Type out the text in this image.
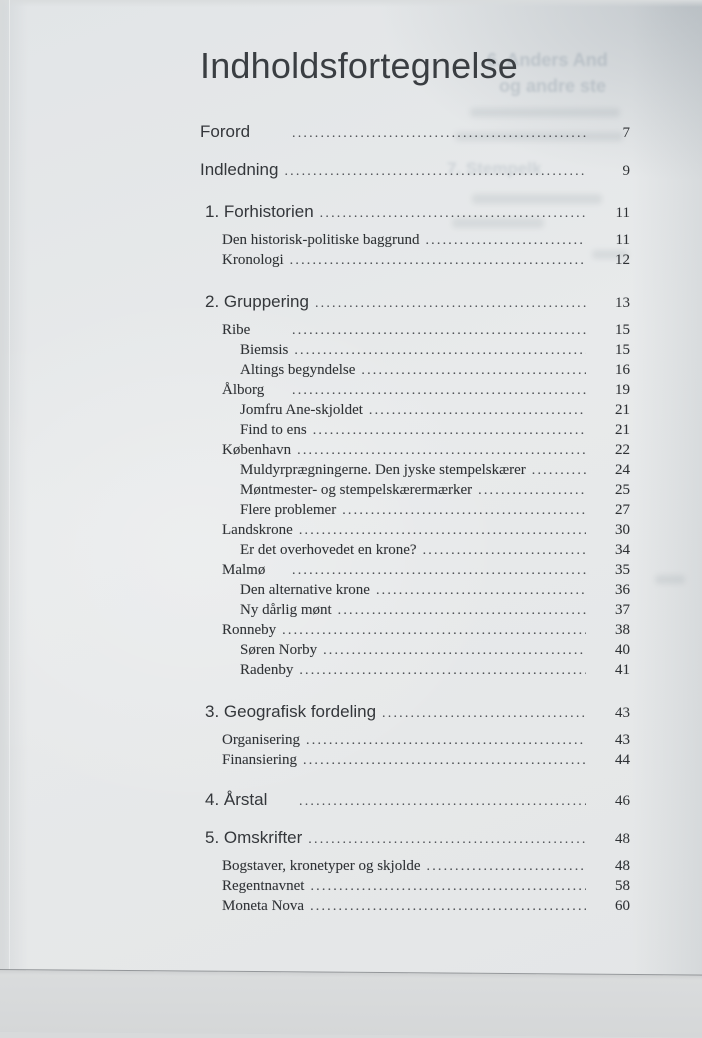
6. Anders And
og andre ste
7. Stempelk
Indholdsfortegnelse
Forord .....	7
Indledning .....	9
1. Forhistorien .....	11
Den historisk-politiske baggrund .....	11
Kronologi .....	12
2. Gruppering .....	13
Ribe .....	15
Biemsis .....	15
Altings begyndelse .....	16
Ålborg .....	19
Jomfru Ane-skjoldet .....	21
Find to ens .....	21
København .....	22
Muldyrprægningerne. Den jyske stempelskærer .....	24
Møntmester- og stempelskærermærker .....	25
Flere problemer .....	27
Landskrone .....	30
Er det overhovedet en krone? .....	34
Malmø .....	35
Den alternative krone .....	36
Ny dårlig mønt .....	37
Ronneby .....	38
Søren Norby .....	40
Radenby .....	41
3. Geografisk fordeling .....	43
Organisering .....	43
Finansiering .....	44
4. Årstal .....	46
5. Omskrifter .....	48
Bogstaver, kronetyper og skjolde .....	48
Regentnavnet .....	58
Moneta Nova .....	60
